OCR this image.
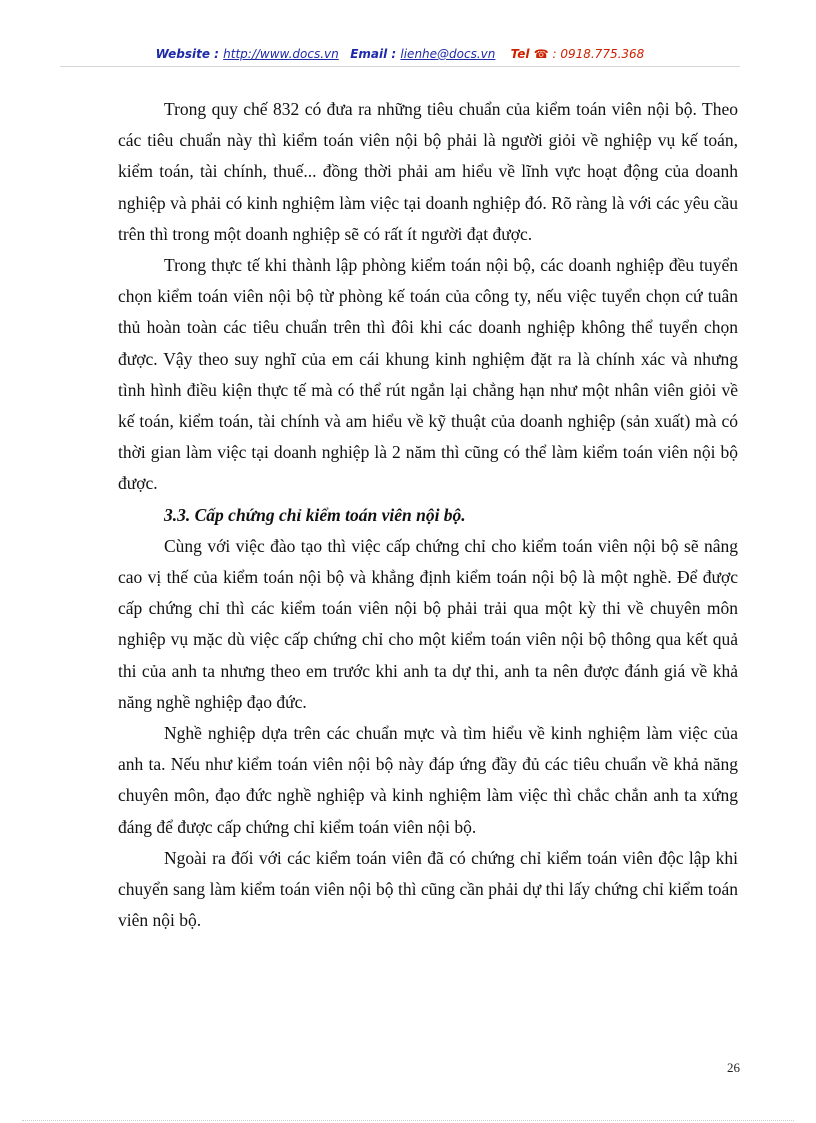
Website : http://www.docs.vn Email : lienhe@docs.vn Tel ☎ : 0918.775.368

Trong quy chế 832 có đưa ra những tiêu chuẩn của kiểm toán viên nội bộ. Theo các tiêu chuẩn này thì kiểm toán viên nội bộ phải là người giỏi về nghiệp vụ kế toán, kiểm toán, tài chính, thuế... đồng thời phải am hiểu về lĩnh vực hoạt động của doanh nghiệp và phải có kinh nghiệm làm việc tại doanh nghiệp đó. Rõ ràng là với các yêu cầu trên thì trong một doanh nghiệp sẽ có rất ít người đạt được.

Trong thực tế khi thành lập phòng kiểm toán nội bộ, các doanh nghiệp đều tuyển chọn kiểm toán viên nội bộ từ phòng kế toán của công ty, nếu việc tuyển chọn cứ tuân thủ hoàn toàn các tiêu chuẩn trên thì đôi khi các doanh nghiệp không thể tuyển chọn được. Vậy theo suy nghĩ của em cái khung kinh nghiệm đặt ra là chính xác và nhưng tình hình điều kiện thực tế mà có thể rút ngắn lại chẳng hạn như một nhân viên giỏi về kế toán, kiểm toán, tài chính và am hiểu về kỹ thuật của doanh nghiệp (sản xuất) mà có thời gian làm việc tại doanh nghiệp là 2 năm thì cũng có thể làm kiểm toán viên nội bộ được.

3.3. Cấp chứng chỉ kiểm toán viên nội bộ.

Cùng với việc đào tạo thì việc cấp chứng chỉ cho kiểm toán viên nội bộ sẽ nâng cao vị thế của kiểm toán nội bộ và khẳng định kiểm toán nội bộ là một nghề. Để được cấp chứng chỉ thì các kiểm toán viên nội bộ phải trải qua một kỳ thi về chuyên môn nghiệp vụ mặc dù việc cấp chứng chỉ cho một kiểm toán viên nội bộ thông qua kết quả thi của anh ta nhưng theo em trước khi anh ta dự thi, anh ta nên được đánh giá về khả năng nghề nghiệp đạo đức.

Nghề nghiệp dựa trên các chuẩn mực và tìm hiểu về kinh nghiệm làm việc của anh ta. Nếu như kiểm toán viên nội bộ này đáp ứng đầy đủ các tiêu chuẩn về khả năng chuyên môn, đạo đức nghề nghiệp và kinh nghiệm làm việc thì chắc chắn anh ta xứng đáng để được cấp chứng chỉ kiểm toán viên nội bộ.

Ngoài ra đối với các kiểm toán viên đã có chứng chỉ kiểm toán viên độc lập khi chuyển sang làm kiểm toán viên nội bộ thì cũng cần phải dự thi lấy chứng chỉ kiểm toán viên nội bộ.

26
